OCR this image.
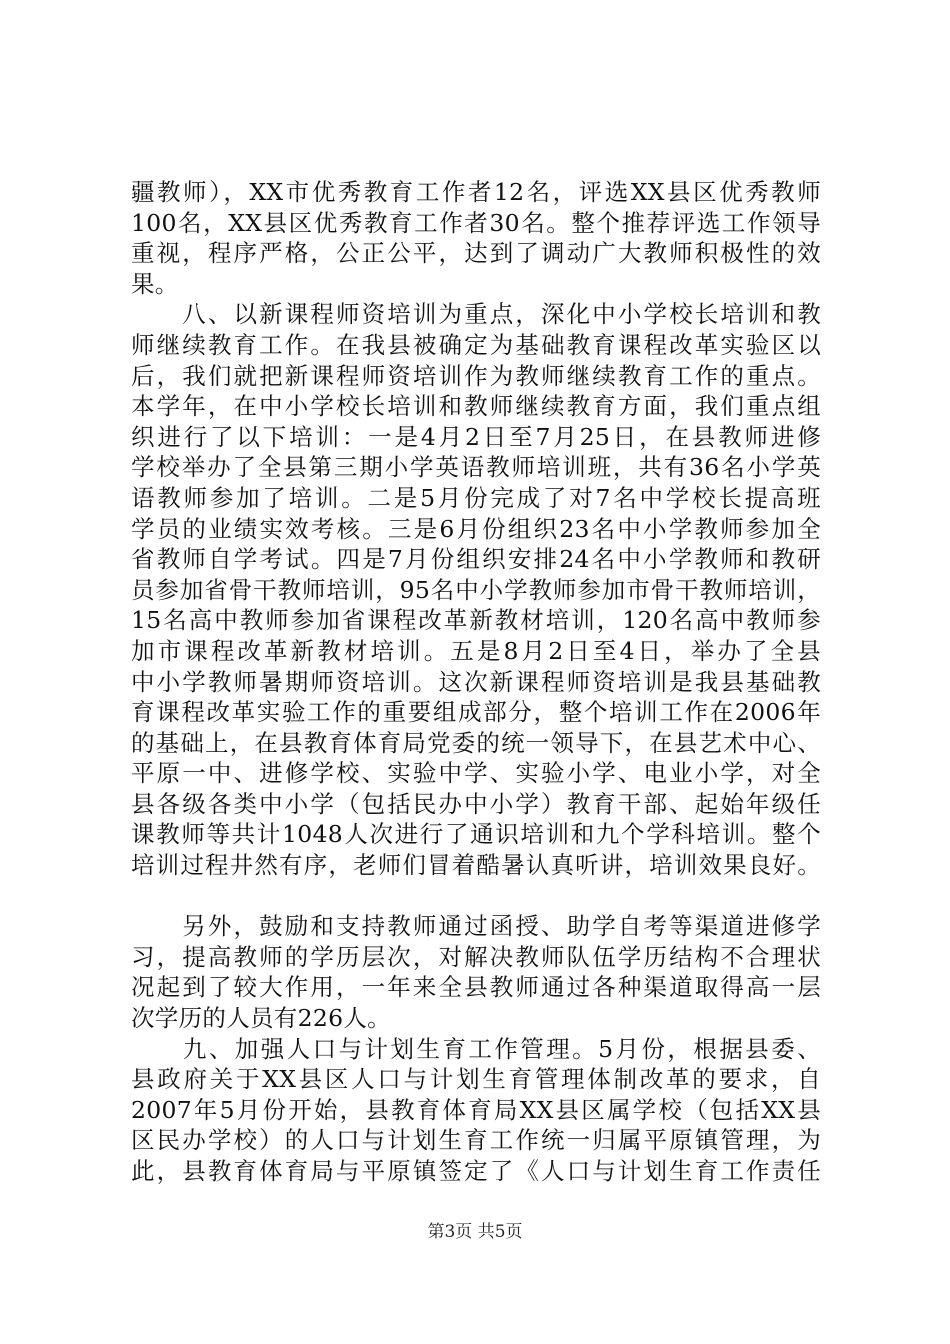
疆教师），XX市优秀教育工作者12名，评选XX县区优秀教师
100名，XX县区优秀教育工作者30名。整个推荐评选工作领导
重视，程序严格，公正公平，达到了调动广大教师积极性的效
果。
　　八、以新课程师资培训为重点，深化中小学校长培训和教
师继续教育工作。在我县被确定为基础教育课程改革实验区以
后，我们就把新课程师资培训作为教师继续教育工作的重点。
本学年，在中小学校长培训和教师继续教育方面，我们重点组
织进行了以下培训：一是4月2日至7月25日，在县教师进修
学校举办了全县第三期小学英语教师培训班，共有36名小学英
语教师参加了培训。二是5月份完成了对7名中学校长提高班
学员的业绩实效考核。三是6月份组织23名中小学教师参加全
省教师自学考试。四是7月份组织安排24名中小学教师和教研
员参加省骨干教师培训，95名中小学教师参加市骨干教师培训，
15名高中教师参加省课程改革新教材培训，120名高中教师参
加市课程改革新教材培训。五是8月2日至4日，举办了全县
中小学教师暑期师资培训。这次新课程师资培训是我县基础教
育课程改革实验工作的重要组成部分，整个培训工作在2006年
的基础上，在县教育体育局党委的统一领导下，在县艺术中心、
平原一中、进修学校、实验中学、实验小学、电业小学，对全
县各级各类中小学（包括民办中小学）教育干部、起始年级任
课教师等共计1048人次进行了通识培训和九个学科培训。整个
培训过程井然有序，老师们冒着酷暑认真听讲，培训效果良好。
　　另外，鼓励和支持教师通过函授、助学自考等渠道进修学
习，提高教师的学历层次，对解决教师队伍学历结构不合理状
况起到了较大作用，一年来全县教师通过各种渠道取得高一层
次学历的人员有226人。
　　九、加强人口与计划生育工作管理。5月份，根据县委、
县政府关于XX县区人口与计划生育管理体制改革的要求，自
2007年5月份开始，县教育体育局XX县区属学校（包括XX县
区民办学校）的人口与计划生育工作统一归属平原镇管理，为
此，县教育体育局与平原镇签定了《人口与计划生育工作责任
第3页 共5页
